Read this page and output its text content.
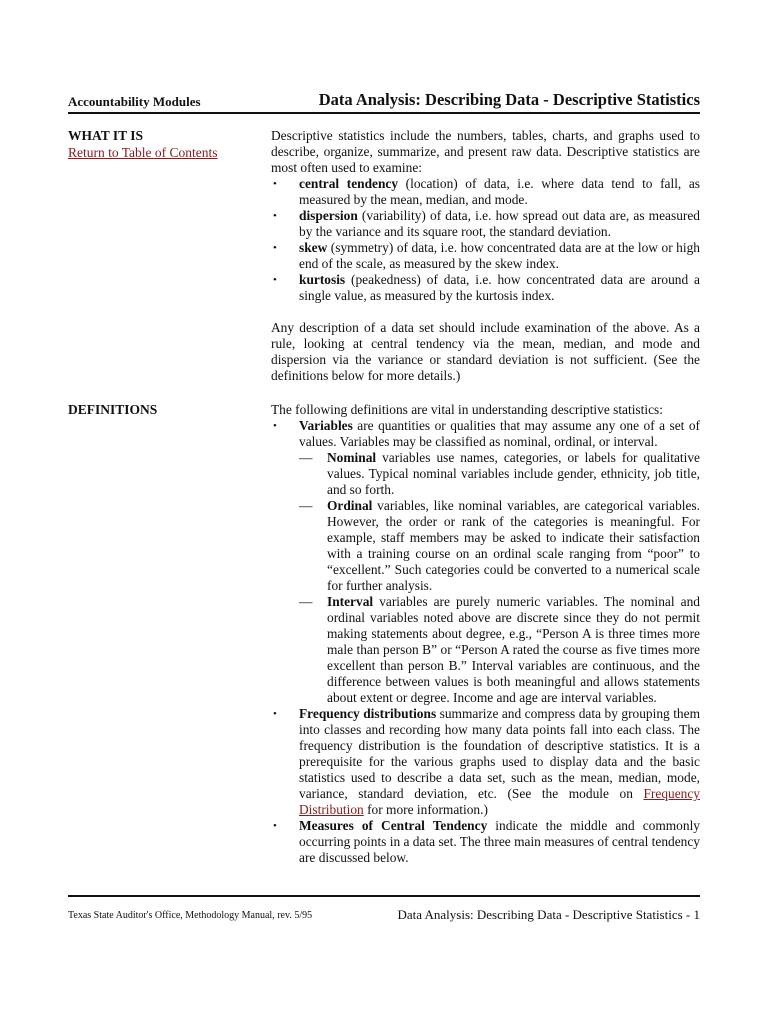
Accountability Modules	Data Analysis: Describing Data - Descriptive Statistics
WHAT IT IS
Return to Table of Contents

Descriptive statistics include the numbers, tables, charts, and graphs used to describe, organize, summarize, and present raw data. Descriptive statistics are most often used to examine:

• central tendency (location) of data, i.e. where data tend to fall, as measured by the mean, median, and mode.
• dispersion (variability) of data, i.e. how spread out data are, as measured by the variance and its square root, the standard deviation.
• skew (symmetry) of data, i.e. how concentrated data are at the low or high end of the scale, as measured by the skew index.
• kurtosis (peakedness) of data, i.e. how concentrated data are around a single value, as measured by the kurtosis index.

Any description of a data set should include examination of the above. As a rule, looking at central tendency via the mean, median, and mode and dispersion via the variance or standard deviation is not sufficient. (See the definitions below for more details.)

DEFINITIONS	The following definitions are vital in understanding descriptive statistics:

• Variables are quantities or qualities that may assume any one of a set of values. Variables may be classified as nominal, ordinal, or interval.
— Nominal variables use names, categories, or labels for qualitative values. Typical nominal variables include gender, ethnicity, job title, and so forth.
— Ordinal variables, like nominal variables, are categorical variables. However, the order or rank of the categories is meaningful. For example, staff members may be asked to indicate their satisfaction with a training course on an ordinal scale ranging from “poor” to “excellent.” Such categories could be converted to a numerical scale for further analysis.
— Interval variables are purely numeric variables. The nominal and ordinal variables noted above are discrete since they do not permit making statements about degree, e.g., “Person A is three times more male than person B” or “Person A rated the course as five times more excellent than person B.” Interval variables are continuous, and the difference between values is both meaningful and allows statements about extent or degree. Income and age are interval variables.
• Frequency distributions summarize and compress data by grouping them into classes and recording how many data points fall into each class. The frequency distribution is the foundation of descriptive statistics. It is a prerequisite for the various graphs used to display data and the basic statistics used to describe a data set, such as the mean, median, mode, variance, standard deviation, etc. (See the module on Frequency Distribution for more information.)
• Measures of Central Tendency indicate the middle and commonly occurring points in a data set. The three main measures of central tendency are discussed below.
Texas State Auditor's Office, Methodology Manual, rev. 5/95	Data Analysis: Describing Data - Descriptive Statistics - 1
